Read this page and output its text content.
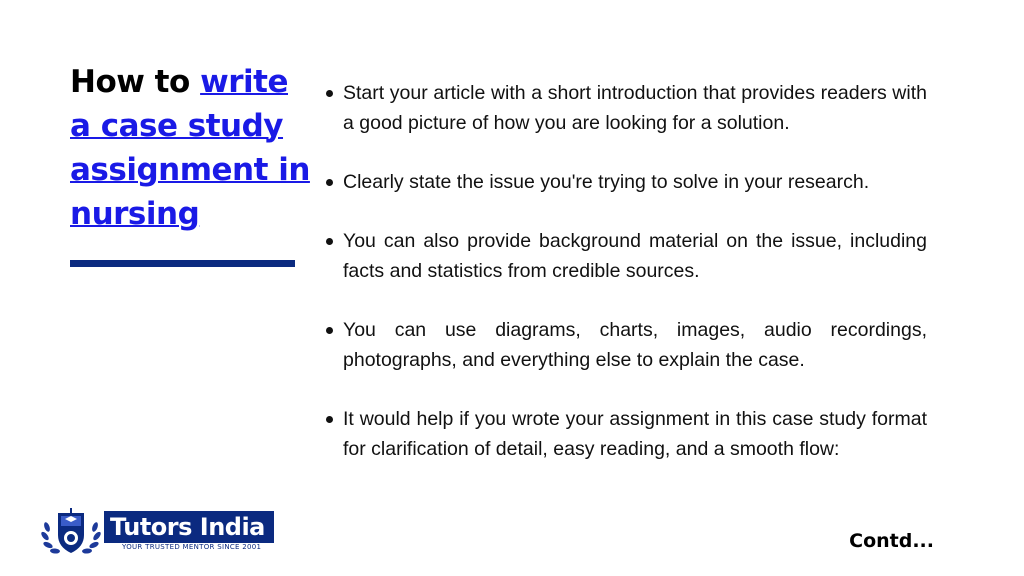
How to write a case study assignment in nursing
Start your article with a short introduction that provides readers with a good picture of how you are looking for a solution.
Clearly state the issue you're trying to solve in your research.
You can also provide background material on the issue, including facts and statistics from credible sources.
You can use diagrams, charts, images, audio recordings, photographs, and everything else to explain the case.
It would help if you wrote your assignment in this case study format for clarification of detail, easy reading, and a smooth flow:
Contd...
Tutors India
YOUR TRUSTED MENTOR SINCE 2001
